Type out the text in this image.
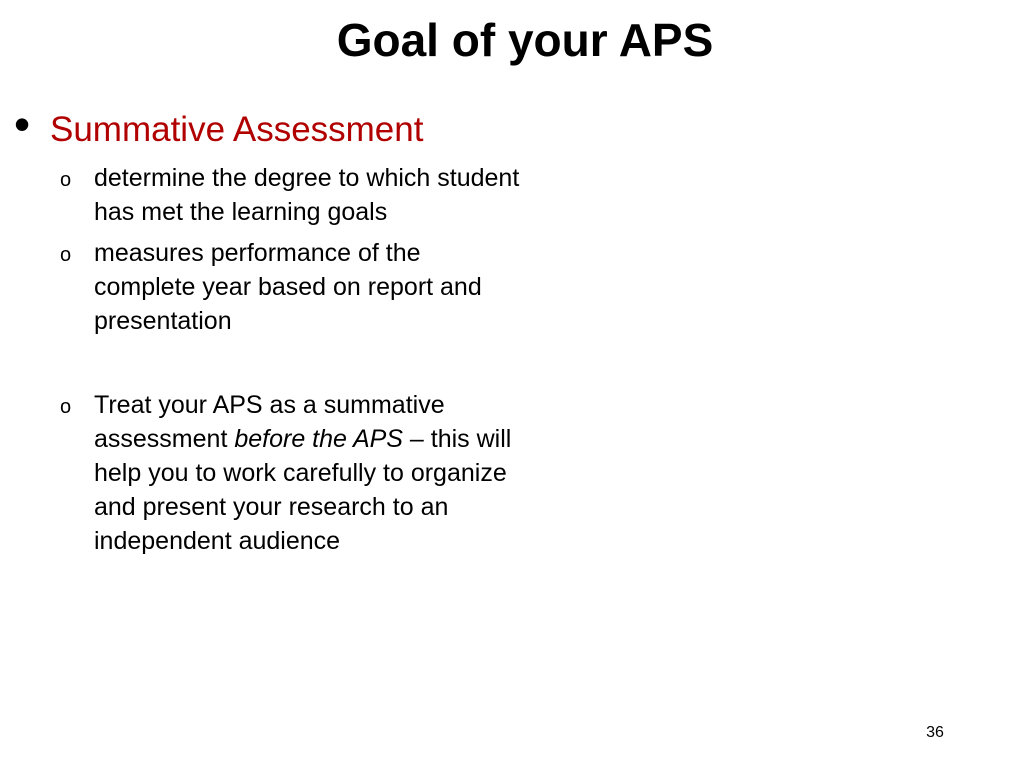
Goal of your APS
• Summative Assessment
o determine the degree to which student has met the learning goals
o measures performance of the complete year based on report and presentation
o Treat your APS as a summative assessment before the APS – this will help you to work carefully to organize and present your research to an independent audience
36
